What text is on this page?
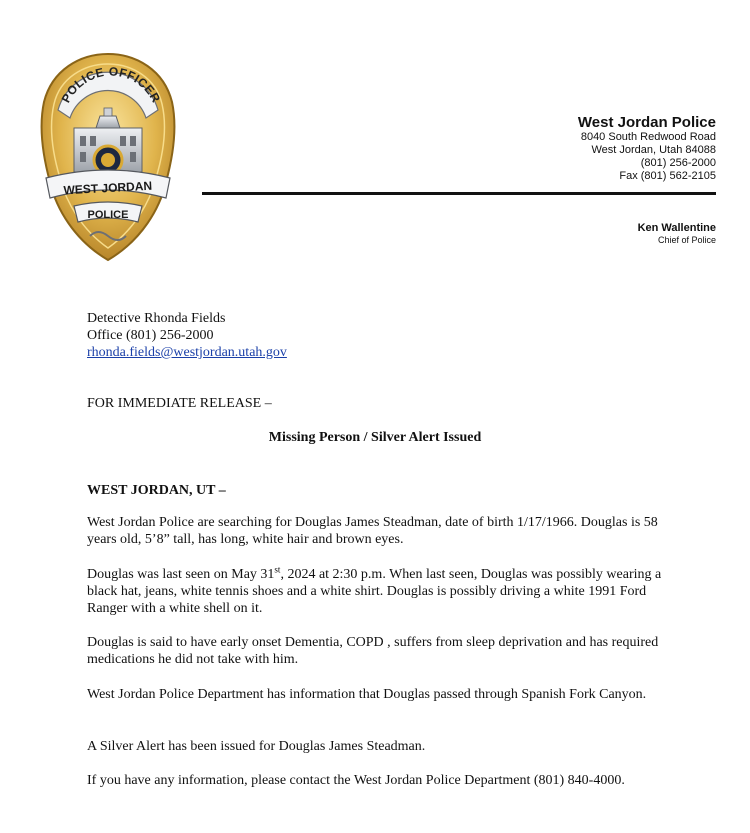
POLICE OFFICER
WEST JORDAN
POLICE
West Jordan Police
8040 South Redwood Road
West Jordan, Utah 84088
(801) 256-2000
Fax (801) 562-2105
Ken Wallentine
Chief of Police
Detective Rhonda Fields
Office (801) 256-2000
rhonda.fields@westjordan.utah.gov
FOR IMMEDIATE RELEASE –
Missing Person / Silver Alert Issued
WEST JORDAN, UT –

West Jordan Police are searching for Douglas James Steadman, date of birth 1/17/1966. Douglas is 58 years old, 5’8” tall, has long, white hair and brown eyes.

Douglas was last seen on May 31st, 2024 at 2:30 p.m. When last seen, Douglas was possibly wearing a black hat, jeans, white tennis shoes and a white shirt. Douglas is possibly driving a white 1991 Ford Ranger with a white shell on it.

Douglas is said to have early onset Dementia, COPD , suffers from sleep deprivation and has required medications he did not take with him.

West Jordan Police Department has information that Douglas passed through Spanish Fork Canyon.

A Silver Alert has been issued for Douglas James Steadman.

If you have any information, please contact the West Jordan Police Department (801) 840-4000.
